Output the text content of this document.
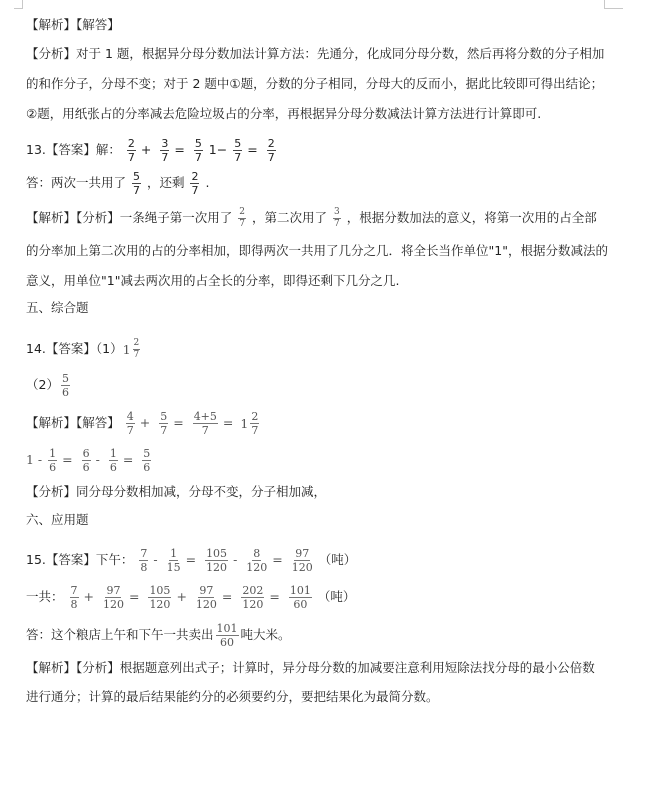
【解析】【解答】
【分析】对于 1 题，根据异分母分数加法计算方法：先通分，化成同分母分数，然后再将分数的分子相加
的和作分子，分母不变；对于 2 题中①题，分数的分子相同，分母大的反而小，据此比较即可得出结论；
②题，用纸张占的分率减去危险垃圾占的分率，再根据异分母分数减法计算方法进行计算即可.
13.【答案】解： $\frac{2}{7} + \frac{3}{7} = \frac{5}{7} 1- \frac{5}{7} = \frac{2}{7}$
答：两次一共用了 $\frac{5}{7}$ ，还剩 $\frac{2}{7}$ .
【解析】【分析】一条绳子第一次用了 $\frac{2}{7}$ ，第二次用了 $\frac{3}{7}$ ，根据分数加法的意义，将第一次用的占全部
的分率加上第二次用的占的分率相加，即得两次一共用了几分之几．将全长当作单位"1"，根据分数减法的
意义，用单位"1"减去两次用的占全长的分率，即得还剩下几分之几.
五、综合题
14.【答案】（1） $1 \frac{2}{7}$
$(2) \frac{5}{6}$
【解析】【解答】 $\frac{4}{7} + \frac{5}{7} = \frac{4+5}{7} = 1 \frac{2}{7}$
$1 - \frac{1}{6} = \frac{6}{6} - \frac{1}{6} = \frac{5}{6}$
【分析】同分母分数相加减，分母不变，分子相加减，
六、应用题
15.【答案】下午： $\frac{7}{8} - \frac{1}{15} = \frac{105}{120} - \frac{8}{120} = \frac{97}{120}$ （吨）
一共： $\frac{7}{8} + \frac{97}{120} = \frac{105}{120} + \frac{97}{120} = \frac{202}{120} = \frac{101}{60}$ （吨）
答：这个粮店上午和下午一共卖出 $\frac{101}{60}$ 吨大米。
【解析】【分析】根据题意列出式子；计算时，异分母分数的加减要注意利用短除法找分母的最小公倍数
进行通分；计算的最后结果能约分的必须要约分，要把结果化为最简分数。
